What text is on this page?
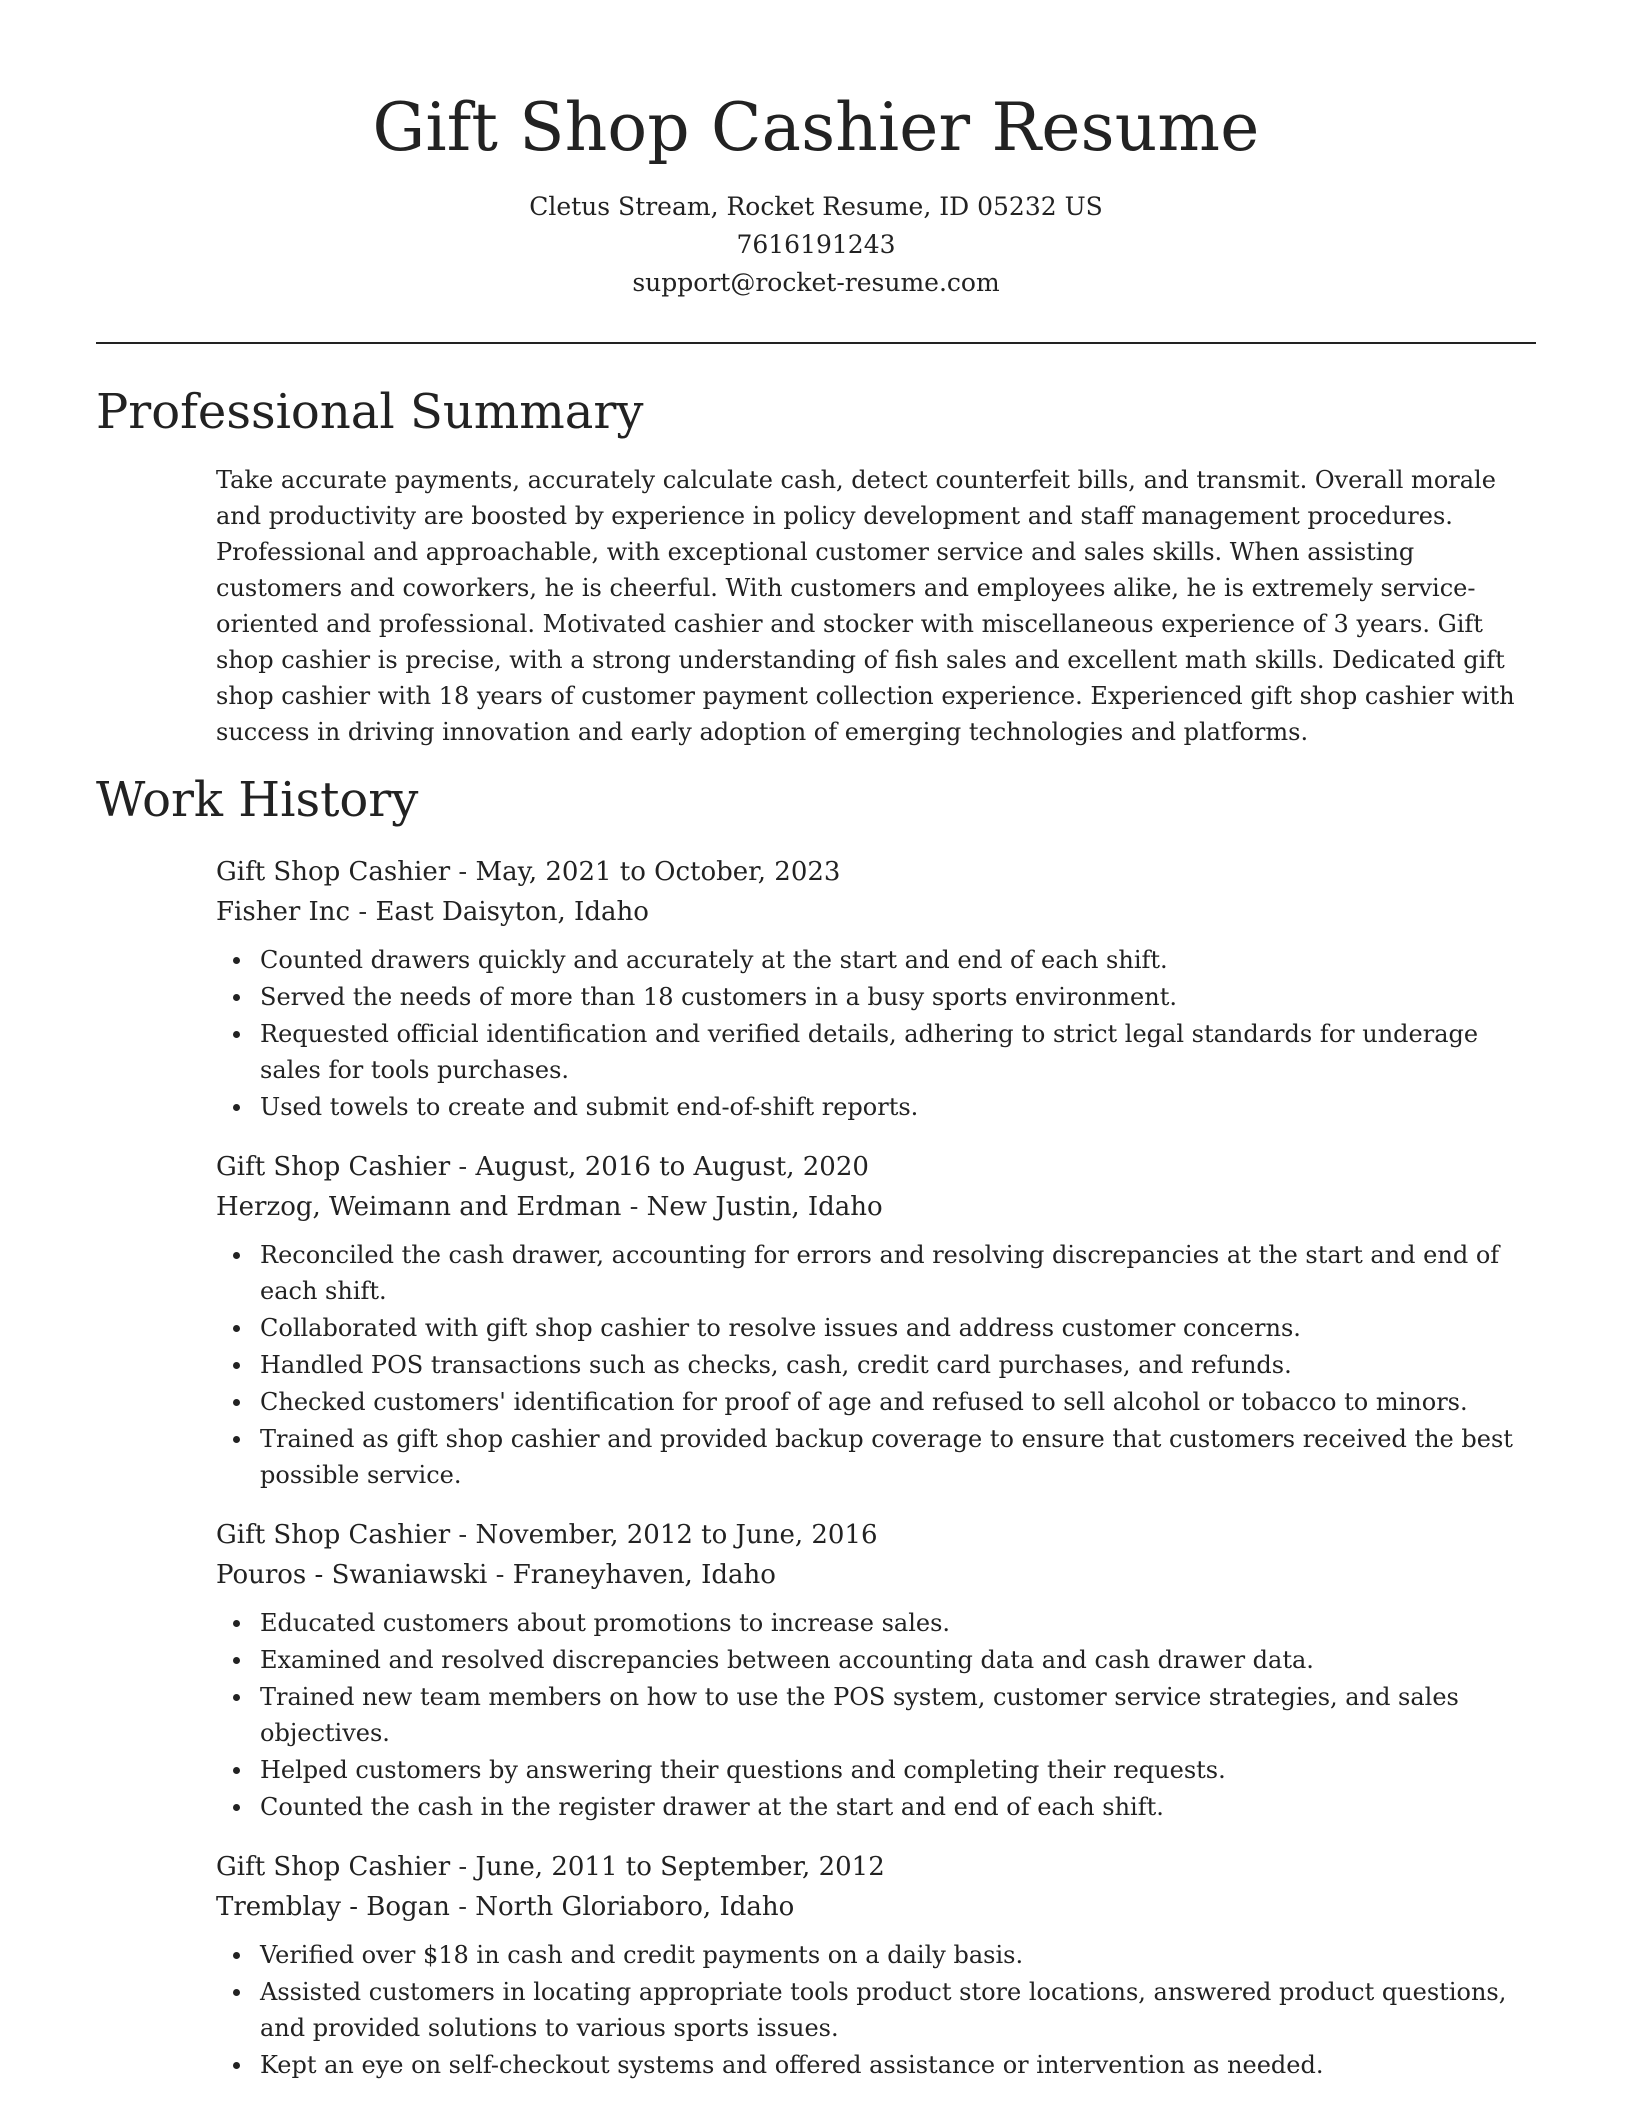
Gift Shop Cashier Resume
Cletus Stream, Rocket Resume, ID 05232 US
7616191243
support@rocket-resume.com
Professional Summary
Take accurate payments, accurately calculate cash, detect counterfeit bills, and transmit. Overall morale and productivity are boosted by experience in policy development and staff management procedures. Professional and approachable, with exceptional customer service and sales skills. When assisting customers and coworkers, he is cheerful. With customers and employees alike, he is extremely service-oriented and professional. Motivated cashier and stocker with miscellaneous experience of 3 years. Gift shop cashier is precise, with a strong understanding of fish sales and excellent math skills. Dedicated gift shop cashier with 18 years of customer payment collection experience. Experienced gift shop cashier with success in driving innovation and early adoption of emerging technologies and platforms.
Work History
Gift Shop Cashier - May, 2021 to October, 2023
Fisher Inc - East Daisyton, Idaho
Counted drawers quickly and accurately at the start and end of each shift.
Served the needs of more than 18 customers in a busy sports environment.
Requested official identification and verified details, adhering to strict legal standards for underage sales for tools purchases.
Used towels to create and submit end-of-shift reports.
Gift Shop Cashier - August, 2016 to August, 2020
Herzog, Weimann and Erdman - New Justin, Idaho
Reconciled the cash drawer, accounting for errors and resolving discrepancies at the start and end of each shift.
Collaborated with gift shop cashier to resolve issues and address customer concerns.
Handled POS transactions such as checks, cash, credit card purchases, and refunds.
Checked customers' identification for proof of age and refused to sell alcohol or tobacco to minors.
Trained as gift shop cashier and provided backup coverage to ensure that customers received the best possible service.
Gift Shop Cashier - November, 2012 to June, 2016
Pouros - Swaniawski - Franeyhaven, Idaho
Educated customers about promotions to increase sales.
Examined and resolved discrepancies between accounting data and cash drawer data.
Trained new team members on how to use the POS system, customer service strategies, and sales objectives.
Helped customers by answering their questions and completing their requests.
Counted the cash in the register drawer at the start and end of each shift.
Gift Shop Cashier - June, 2011 to September, 2012
Tremblay - Bogan - North Gloriaboro, Idaho
Verified over $18 in cash and credit payments on a daily basis.
Assisted customers in locating appropriate tools product store locations, answered product questions, and provided solutions to various sports issues.
Kept an eye on self-checkout systems and offered assistance or intervention as needed.
